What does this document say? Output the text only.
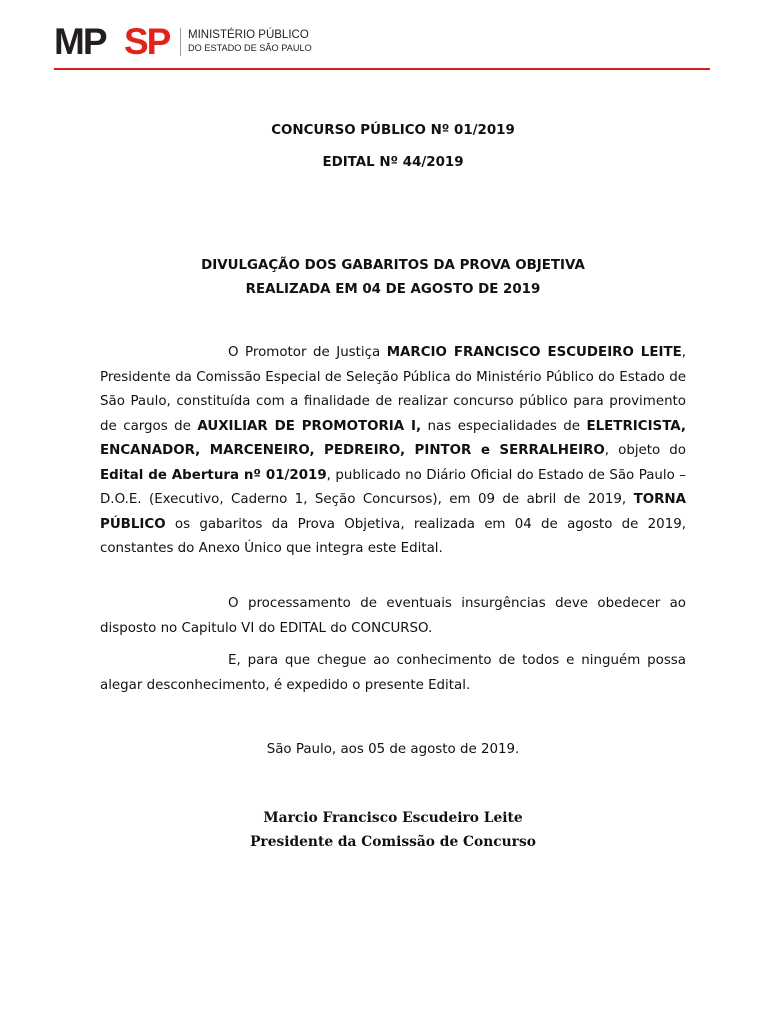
MP SP MINISTÉRIO PÚBLICO
DO ESTADO DE SÃO PAULO
CONCURSO PÚBLICO Nº 01/2019
EDITAL Nº 44/2019
DIVULGAÇÃO DOS GABARITOS DA PROVA OBJETIVA
REALIZADA EM 04 DE AGOSTO DE 2019
O Promotor de Justiça MARCIO FRANCISCO ESCUDEIRO LEITE, Presidente da Comissão Especial de Seleção Pública do Ministério Público do Estado de São Paulo, constituída com a finalidade de realizar concurso público para provimento de cargos de AUXILIAR DE PROMOTORIA I, nas especialidades de ELETRICISTA, ENCANADOR, MARCENEIRO, PEDREIRO, PINTOR e SERRALHEIRO, objeto do Edital de Abertura nº 01/2019, publicado no Diário Oficial do Estado de São Paulo – D.O.E. (Executivo, Caderno 1, Seção Concursos), em 09 de abril de 2019, TORNA PÚBLICO os gabaritos da Prova Objetiva, realizada em 04 de agosto de 2019, constantes do Anexo Único que integra este Edital.
O processamento de eventuais insurgências deve obedecer ao disposto no Capitulo VI do EDITAL do CONCURSO.
E, para que chegue ao conhecimento de todos e ninguém possa alegar desconhecimento, é expedido o presente Edital.
São Paulo, aos 05 de agosto de 2019.
Marcio Francisco Escudeiro Leite
Presidente da Comissão de Concurso
